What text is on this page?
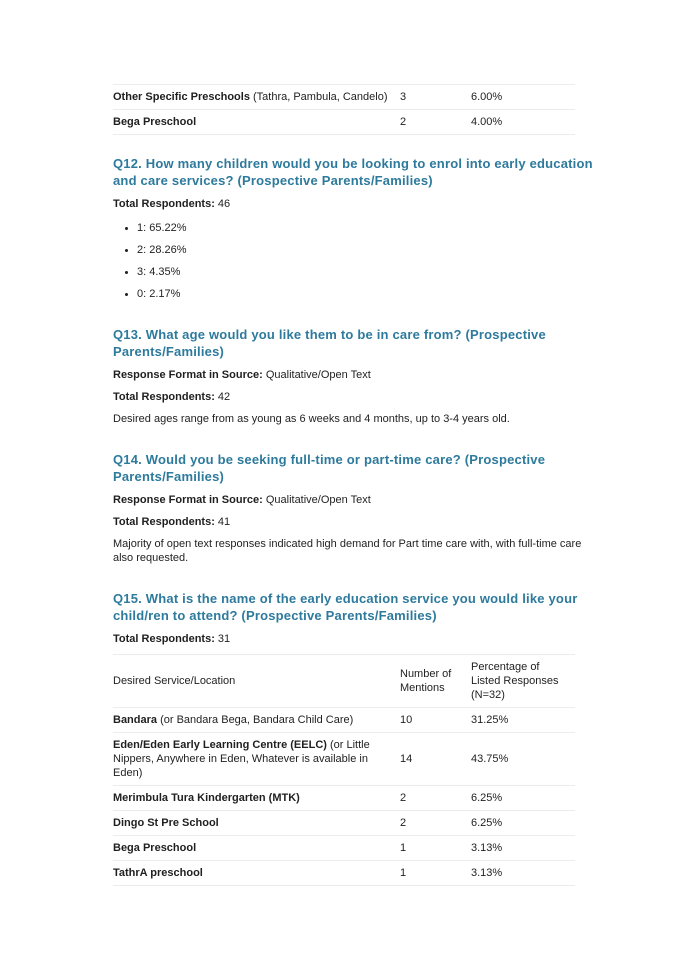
Other Specific Preschools (Tathra, Pambula, Candelo)	3	6.00%
Bega Preschool	2	4.00%
Q12. How many children would you be looking to enrol into early education and care services? (Prospective Parents/Families)

Total Respondents: 46

• 1: 65.22%
• 2: 28.26%
• 3: 4.35%
• 0: 2.17%
Q13. What age would you like them to be in care from? (Prospective Parents/Families)

Response Format in Source: Qualitative/Open Text

Total Respondents: 42

Desired ages range from as young as 6 weeks and 4 months, up to 3-4 years old.

Q14. Would you be seeking full-time or part-time care? (Prospective Parents/Families)

Response Format in Source: Qualitative/Open Text

Total Respondents: 41

Majority of open text responses indicated high demand for Part time care with, with full-time care also requested.

Q15. What is the name of the early education service you would like your child/ren to attend? (Prospective Parents/Families)

Total Respondents: 31

Desired Service/Location	Number of Mentions	Percentage of Listed Responses (N=32)
Bandara (or Bandara Bega, Bandara Child Care)	10	31.25%
Eden/Eden Early Learning Centre (EELC) (or Little Nippers, Anywhere in Eden, Whatever is available in Eden)	14	43.75%
Merimbula Tura Kindergarten (MTK)	2	6.25%
Dingo St Pre School	2	6.25%
Bega Preschool	1	3.13%
TathrA preschool	1	3.13%
